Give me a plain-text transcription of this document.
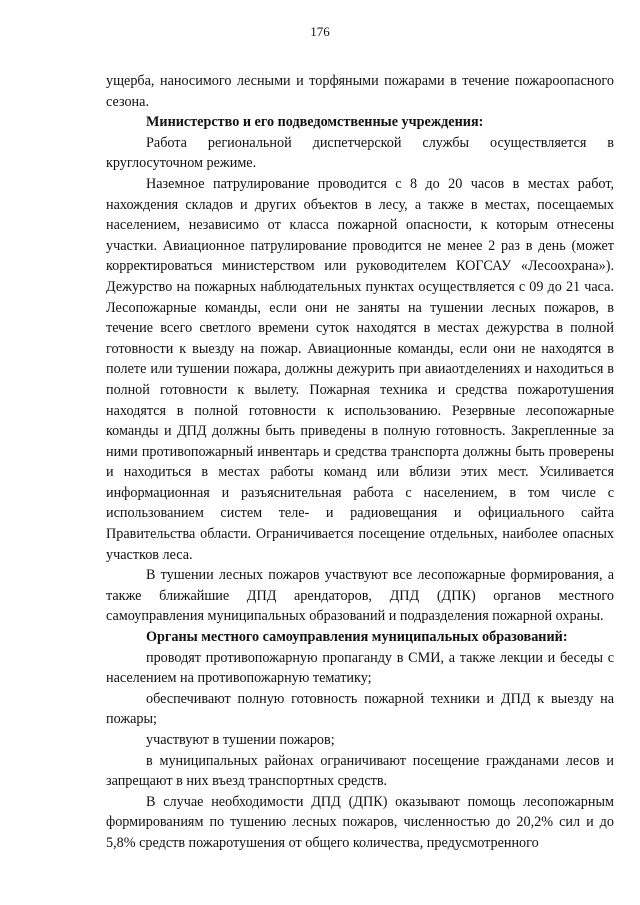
176

ущерба, наносимого лесными и торфяными пожарами в течение пожароопасного сезона.

Министерство и его подведомственные учреждения:

Работа региональной диспетчерской службы осуществляется в круглосуточном режиме.

Наземное патрулирование проводится с 8 до 20 часов в местах работ, нахождения складов и других объектов в лесу, а также в местах, посещаемых населением, независимо от класса пожарной опасности, к которым отнесены участки. Авиационное патрулирование проводится не менее 2 раз в день (может корректироваться министерством или руководителем КОГСАУ «Лесоохрана»). Дежурство на пожарных наблюдательных пунктах осуществляется с 09 до 21 часа. Лесопожарные команды, если они не заняты на тушении лесных пожаров, в течение всего светлого времени суток находятся в местах дежурства в полной готовности к выезду на пожар. Авиационные команды, если они не находятся в полете или тушении пожара, должны дежурить при авиаотделениях и находиться в полной готовности к вылету. Пожарная техника и средства пожаротушения находятся в полной готовности к использованию. Резервные лесопожарные команды и ДПД должны быть приведены в полную готовность. Закрепленные за ними противопожарный инвентарь и средства транспорта должны быть проверены и находиться в местах работы команд или вблизи этих мест. Усиливается информационная и разъяснительная работа с населением, в том числе с использованием систем теле- и радиовещания и официального сайта Правительства области. Ограничивается посещение отдельных, наиболее опасных участков леса.

В тушении лесных пожаров участвуют все лесопожарные формирования, а также ближайшие ДПД арендаторов, ДПД (ДПК) органов местного самоуправления муниципальных образований и подразделения пожарной охраны.

Органы местного самоуправления муниципальных образований:

проводят противопожарную пропаганду в СМИ, а также лекции и беседы с населением на противопожарную тематику;

обеспечивают полную готовность пожарной техники и ДПД к выезду на пожары;

участвуют в тушении пожаров;

в муниципальных районах ограничивают посещение гражданами лесов и запрещают в них въезд транспортных средств.

В случае необходимости ДПД (ДПК) оказывают помощь лесопожарным формированиям по тушению лесных пожаров, численностью до 20,2% сил и до 5,8% средств пожаротушения от общего количества, предусмотренного
